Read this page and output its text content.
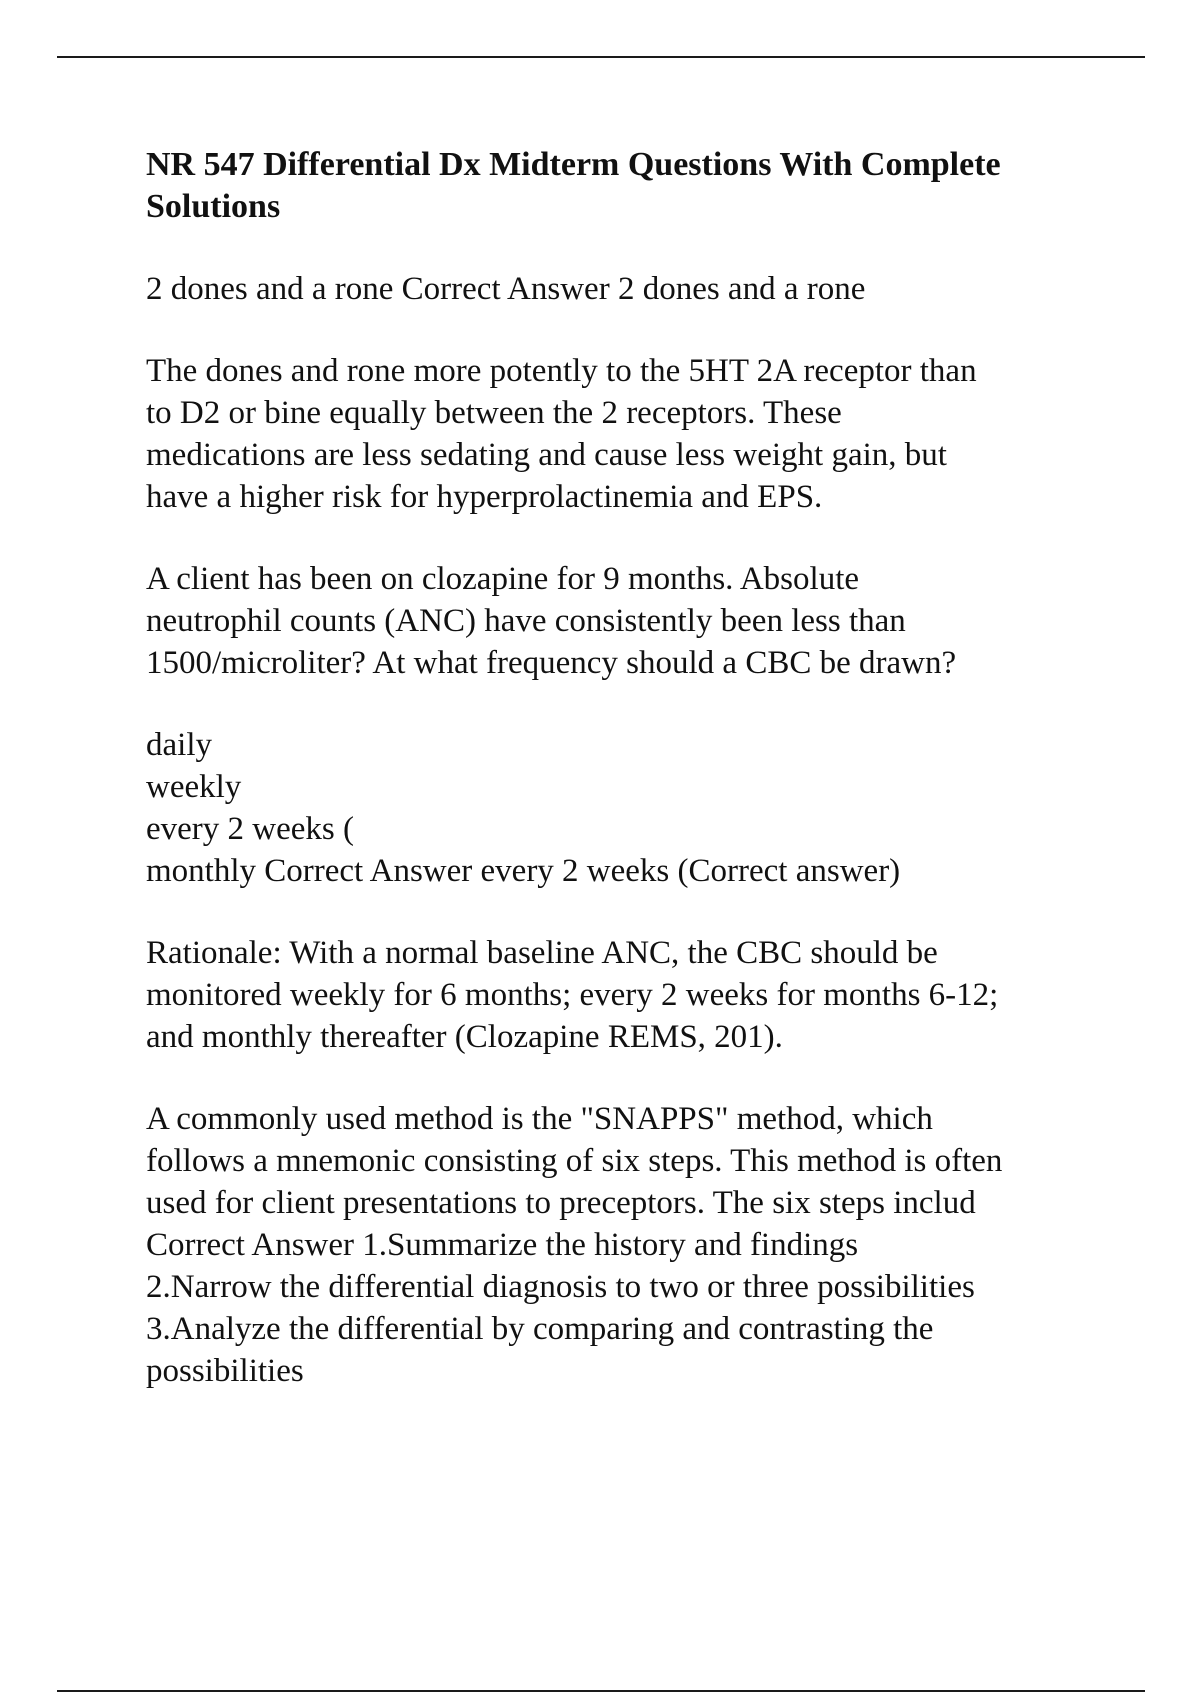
NR 547 Differential Dx Midterm Questions With Complete
Solutions
2 dones and a rone Correct Answer 2 dones and a rone
The dones and rone more potently to the 5HT 2A receptor than
to D2 or bine equally between the 2 receptors. These
medications are less sedating and cause less weight gain, but
have a higher risk for hyperprolactinemia and EPS.
A client has been on clozapine for 9 months. Absolute
neutrophil counts (ANC) have consistently been less than
1500/microliter? At what frequency should a CBC be drawn?
daily
weekly
every 2 weeks (
monthly Correct Answer every 2 weeks (Correct answer)
Rationale: With a normal baseline ANC, the CBC should be
monitored weekly for 6 months; every 2 weeks for months 6-12;
and monthly thereafter (Clozapine REMS, 201).
A commonly used method is the "SNAPPS" method, which
follows a mnemonic consisting of six steps. This method is often
used for client presentations to preceptors. The six steps includ
Correct Answer 1.Summarize the history and findings
2.Narrow the differential diagnosis to two or three possibilities
3.Analyze the differential by comparing and contrasting the
possibilities
